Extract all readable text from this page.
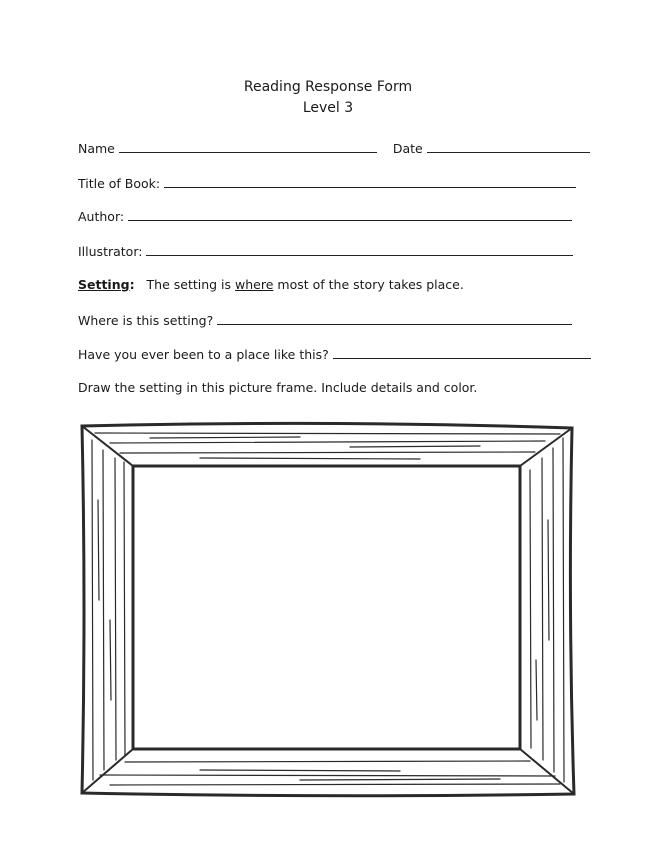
Reading Response Form
Level 3
Name	Date
Title of Book:
Author:
Illustrator:
Setting: The setting is where most of the story takes place.
Where is this setting?
Have you ever been to a place like this?
Draw the setting in this picture frame. Include details and color.
